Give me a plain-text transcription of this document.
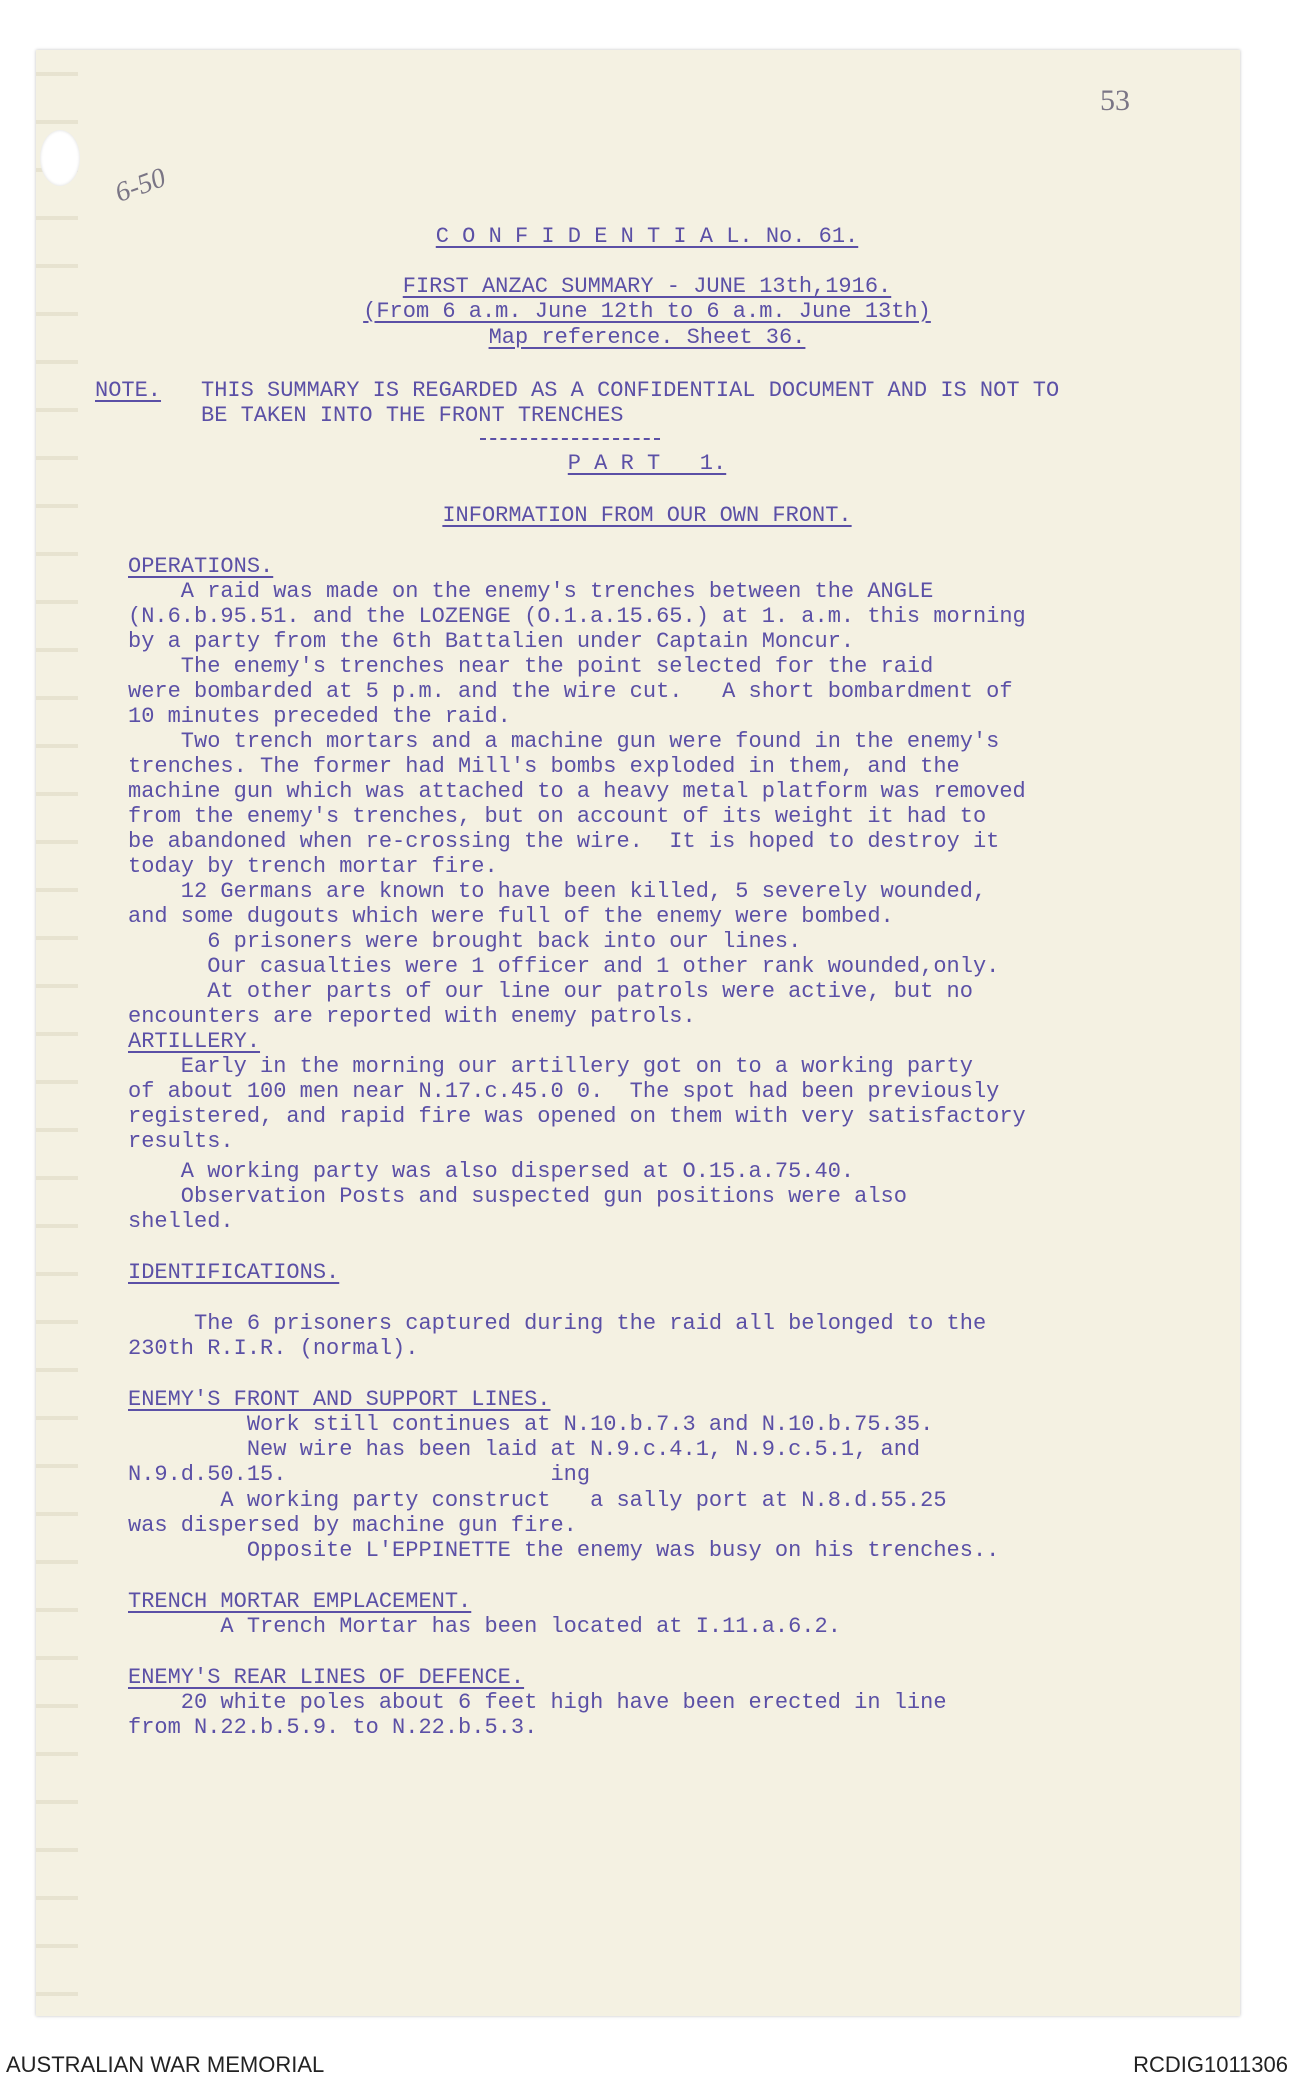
53
6-50

C O N F I D E N T I A L. No. 61.

FIRST ANZAC SUMMARY - JUNE 13th,1916.

(From 6 a.m. June 12th to 6 a.m. June 13th)

Map reference. Sheet 36.

NOTE. THIS SUMMARY IS REGARDED AS A CONFIDENTIAL DOCUMENT AND IS NOT TO

BE TAKEN INTO THE FRONT TRENCHES

P A R T   1.

INFORMATION FROM OUR OWN FRONT.

OPERATIONS.

A raid was made on the enemy's trenches between the ANGLE

(N.6.b.95.51. and the LOZENGE (O.1.a.15.65.) at 1. a.m. this morning

by a party from the 6th Battalien under Captain Moncur.

The enemy's trenches near the point selected for the raid

were bombarded at 5 p.m. and the wire cut.   A short bombardment of

10 minutes preceded the raid.

Two trench mortars and a machine gun were found in the enemy's

trenches. The former had Mill's bombs exploded in them, and the

machine gun which was attached to a heavy metal platform was removed

from the enemy's trenches, but on account of its weight it had to

be abandoned when re-crossing the wire.  It is hoped to destroy it

today by trench mortar fire.

12 Germans are known to have been killed, 5 severely wounded,

and some dugouts which were full of the enemy were bombed.

6 prisoners were brought back into our lines.

Our casualties were 1 officer and 1 other rank wounded,only.

At other parts of our line our patrols were active, but no

encounters are reported with enemy patrols.

ARTILLERY.

Early in the morning our artillery got on to a working party

of about 100 men near N.17.c.45.0 0.  The spot had been previously

registered, and rapid fire was opened on them with very satisfactory

results.

A working party was also dispersed at O.15.a.75.40.

Observation Posts and suspected gun positions were also

shelled.

IDENTIFICATIONS.

The 6 prisoners captured during the raid all belonged to the

230th R.I.R. (normal).

ENEMY'S FRONT AND SUPPORT LINES.

Work still continues at N.10.b.7.3 and N.10.b.75.35.

New wire has been laid at N.9.c.4.1, N.9.c.5.1, and

N.9.d.50.15.                    ing

A working party construct   a sally port at N.8.d.55.25

was dispersed by machine gun fire.

Opposite L'EPPINETTE the enemy was busy on his trenches..

TRENCH MORTAR EMPLACEMENT.

A Trench Mortar has been located at I.11.a.6.2.

ENEMY'S REAR LINES OF DEFENCE.

20 white poles about 6 feet high have been erected in line

from N.22.b.5.9. to N.22.b.5.3.

AUSTRALIAN WAR MEMORIAL	RCDIG1011306
